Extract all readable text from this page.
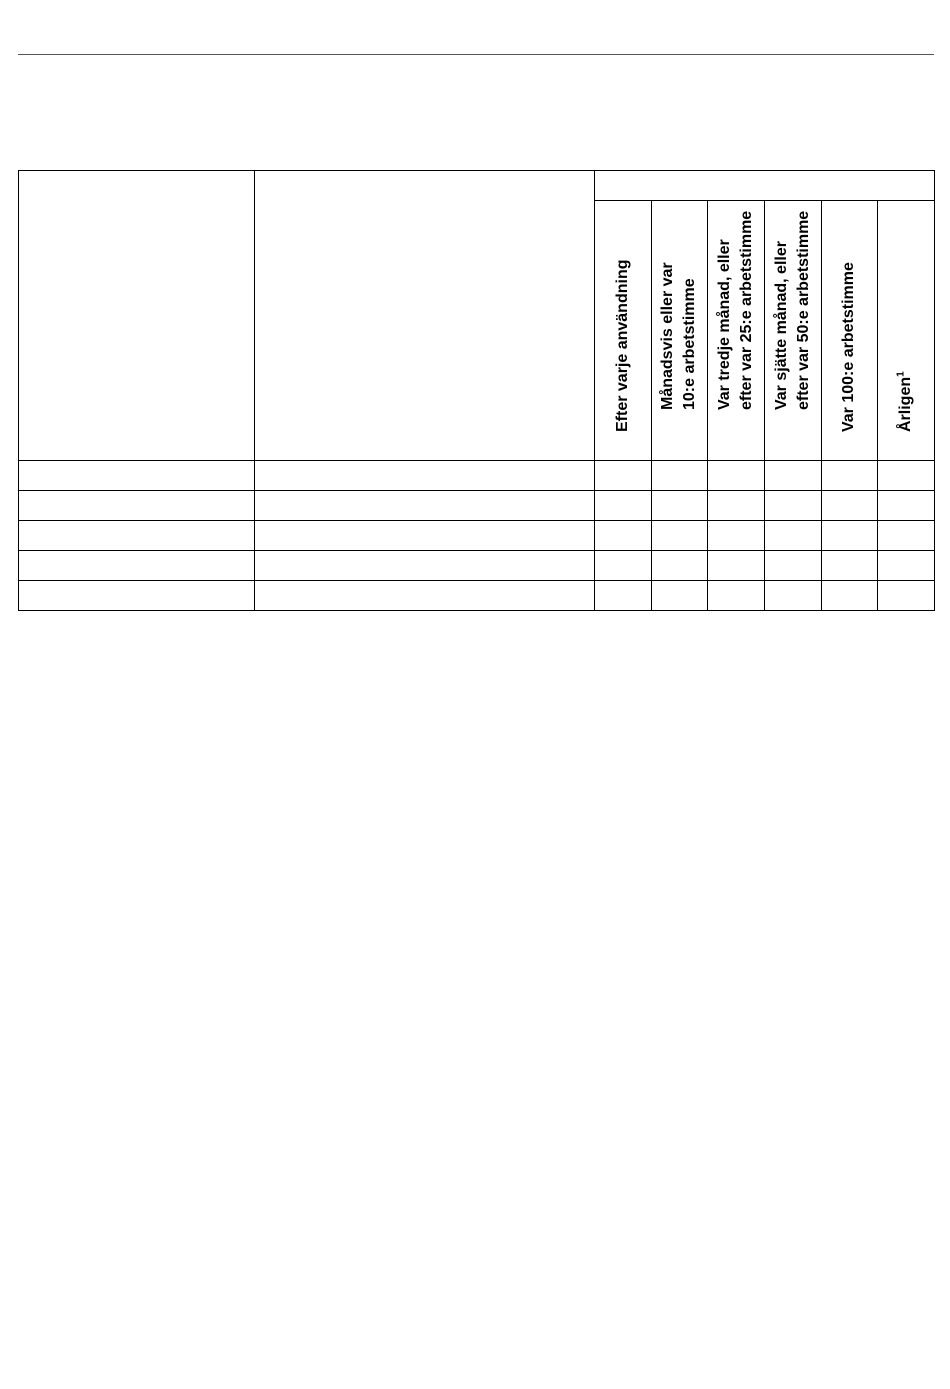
		Efter varje användning	Månadsvis eller var 10:e arbetstimme	Var tredje månad, eller efter var 25:e arbetstimme	Var sjätte månad, eller efter var 50:e arbetstimme	Var 100:e arbetstimme	Årligen$^1$
